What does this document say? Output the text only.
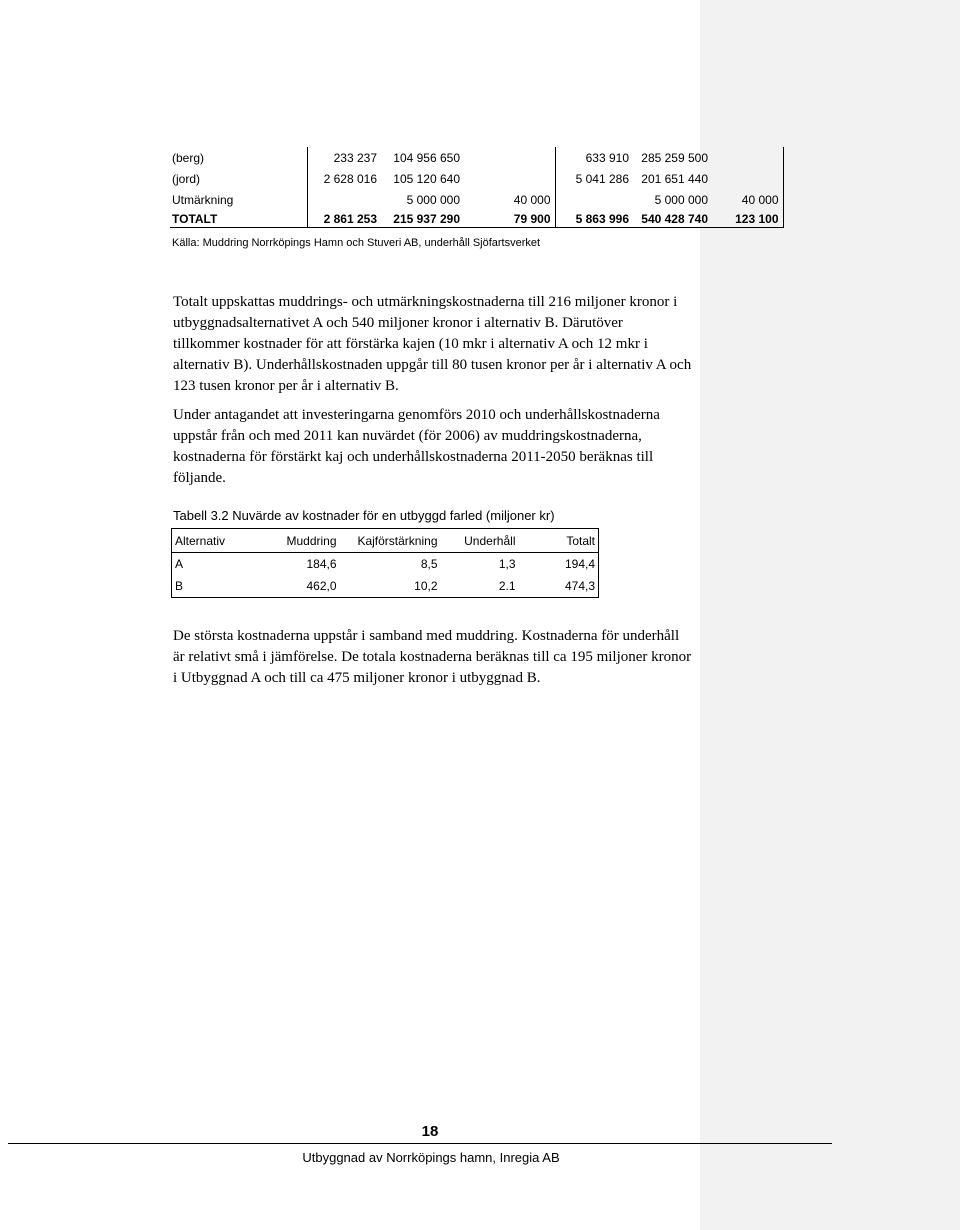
(berg)	233 237	104 956 650		633 910	285 259 500	
(jord)	2 628 016	105 120 640		5 041 286	201 651 440	
Utmärkning		5 000 000	40 000		5 000 000	40 000
TOTALT	2 861 253	215 937 290	79 900	5 863 996	540 428 740	123 100
Källa: Muddring Norrköpings Hamn och Stuveri AB, underhåll Sjöfartsverket

Totalt uppskattas muddrings- och utmärkningskostnaderna till 216 miljoner kronor i utbyggnadsalternativet A och 540 miljoner kronor i alternativ B. Därutöver tillkommer kostnader för att förstärka kajen (10 mkr i alternativ A och 12 mkr i alternativ B). Underhållskostnaden uppgår till 80 tusen kronor per år i alternativ A och 123 tusen kronor per år i alternativ B.

Under antagandet att investeringarna genomförs 2010 och underhållskostnaderna uppstår från och med 2011 kan nuvärdet (för 2006) av muddringskostnaderna, kostnaderna för förstärkt kaj och underhållskostnaderna 2011-2050 beräknas till följande.

Tabell 3.2 Nuvärde av kostnader för en utbyggd farled (miljoner kr)
Alternativ	Muddring	Kajförstärkning	Underhåll	Totalt
A	184,6	8,5	1,3	194,4
B	462,0	10,2	2.1	474,3

De största kostnaderna uppstår i samband med muddring. Kostnaderna för underhåll är relativt små i jämförelse. De totala kostnaderna beräknas till ca 195 miljoner kronor i Utbyggnad A och till ca 475 miljoner kronor i utbyggnad B.

18
Utbyggnad av Norrköpings hamn, Inregia AB
